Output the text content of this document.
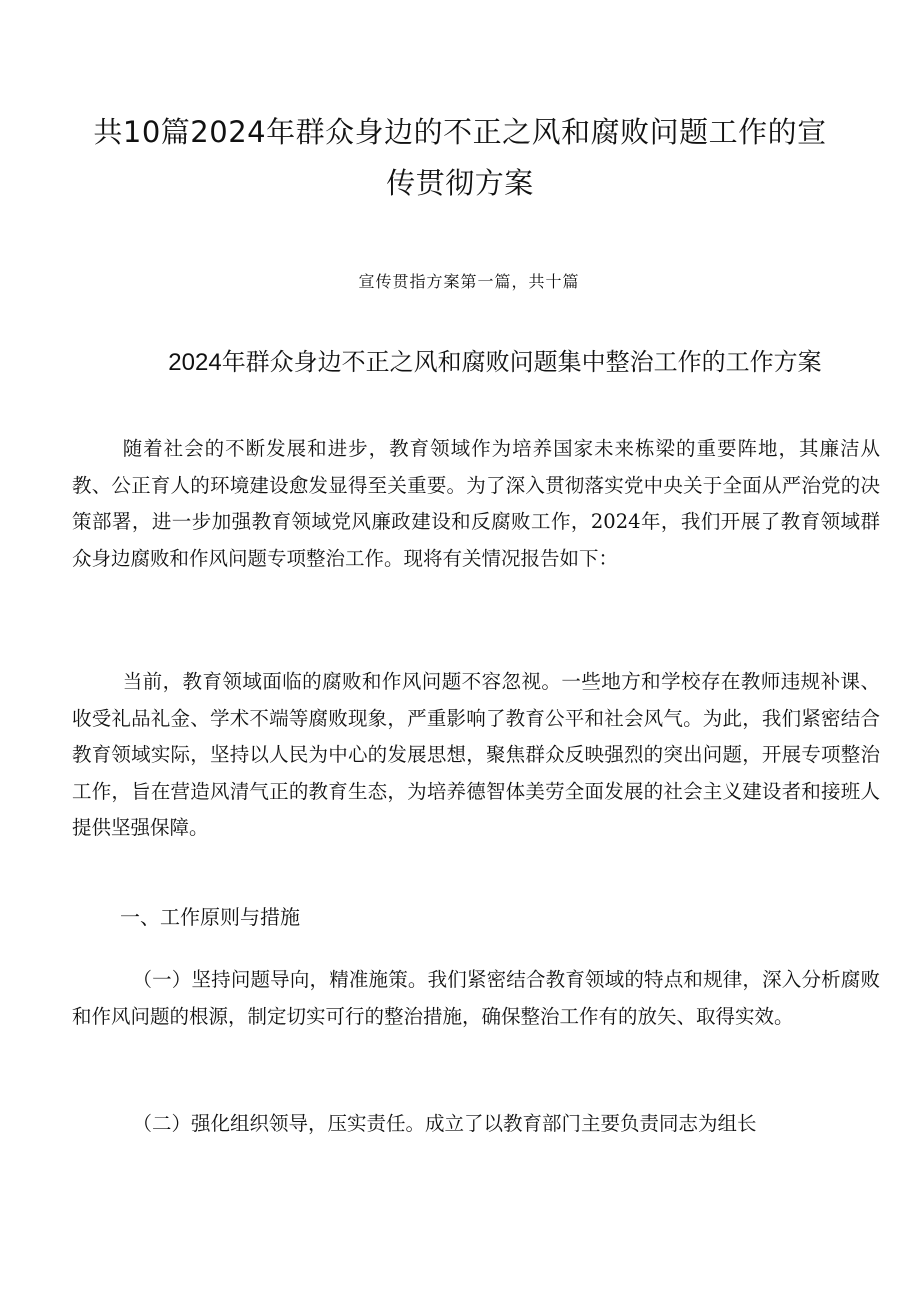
共10篇2024年群众身边的不正之风和腐败问题工作的宣传贯彻方案
宣传贯指方案第一篇，共十篇
2024年群众身边不正之风和腐败问题集中整治工作的工作方案

随着社会的不断发展和进步，教育领域作为培养国家未来栋梁的重要阵地，其廉洁从教、公正育人的环境建设愈发显得至关重要。为了深入贯彻落实党中央关于全面从严治党的决策部署，进一步加强教育领域党风廉政建设和反腐败工作，2024年，我们开展了教育领域群众身边腐败和作风问题专项整治工作。现将有关情况报告如下：

当前，教育领域面临的腐败和作风问题不容忽视。一些地方和学校存在教师违规补课、收受礼品礼金、学术不端等腐败现象，严重影响了教育公平和社会风气。为此，我们紧密结合教育领域实际，坚持以人民为中心的发展思想，聚焦群众反映强烈的突出问题，开展专项整治工作，旨在营造风清气正的教育生态，为培养德智体美劳全面发展的社会主义建设者和接班人提供坚强保障。

一、工作原则与措施

（一）坚持问题导向，精准施策。我们紧密结合教育领域的特点和规律，深入分析腐败和作风问题的根源，制定切实可行的整治措施，确保整治工作有的放矢、取得实效。

（二）强化组织领导，压实责任。成立了以教育部门主要负责同志为组长
